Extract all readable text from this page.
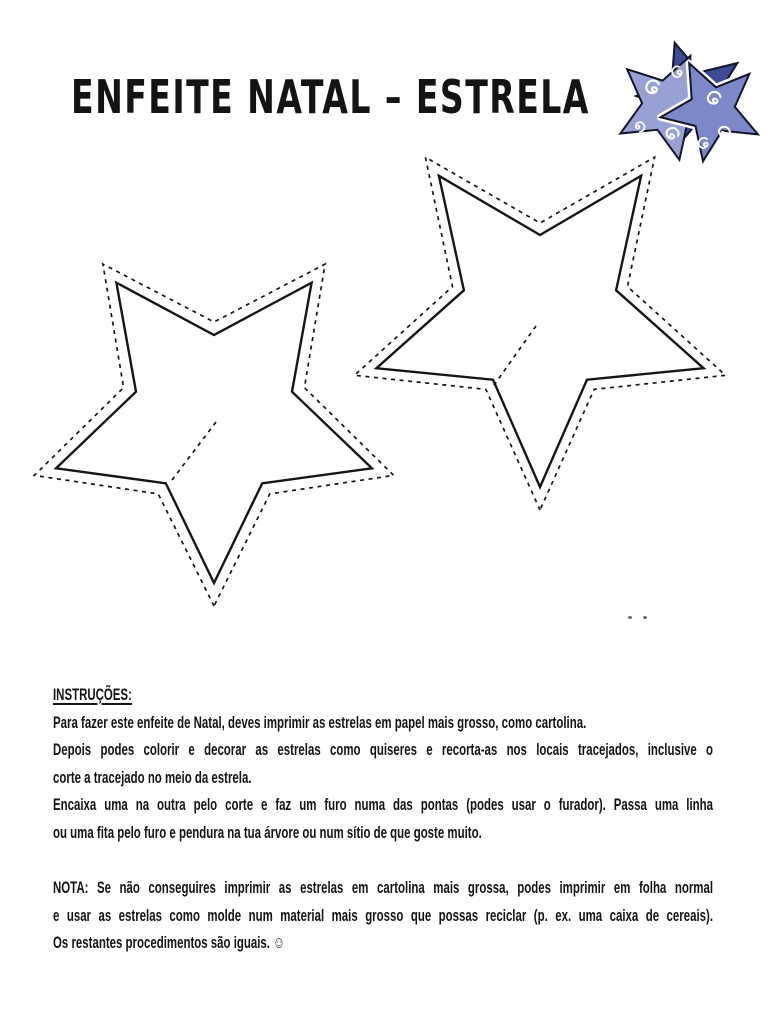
ENFEITE NATAL – ESTRELA
INSTRUÇÕES:
Para fazer este enfeite de Natal, deves imprimir as estrelas em papel mais grosso, como cartolina.
Depois podes colorir e decorar as estrelas como quiseres e recorta-as nos locais tracejados, inclusive o
corte a tracejado no meio da estrela.
Encaixa uma na outra pelo corte e faz um furo numa das pontas (podes usar o furador). Passa uma linha
ou uma fita pelo furo e pendura na tua árvore ou num sítio de que goste muito.
NOTA: Se não conseguires imprimir as estrelas em cartolina mais grossa, podes imprimir em folha normal
e usar as estrelas como molde num material mais grosso que possas reciclar (p. ex. uma caixa de cereais).
Os restantes procedimentos são iguais. ☺
